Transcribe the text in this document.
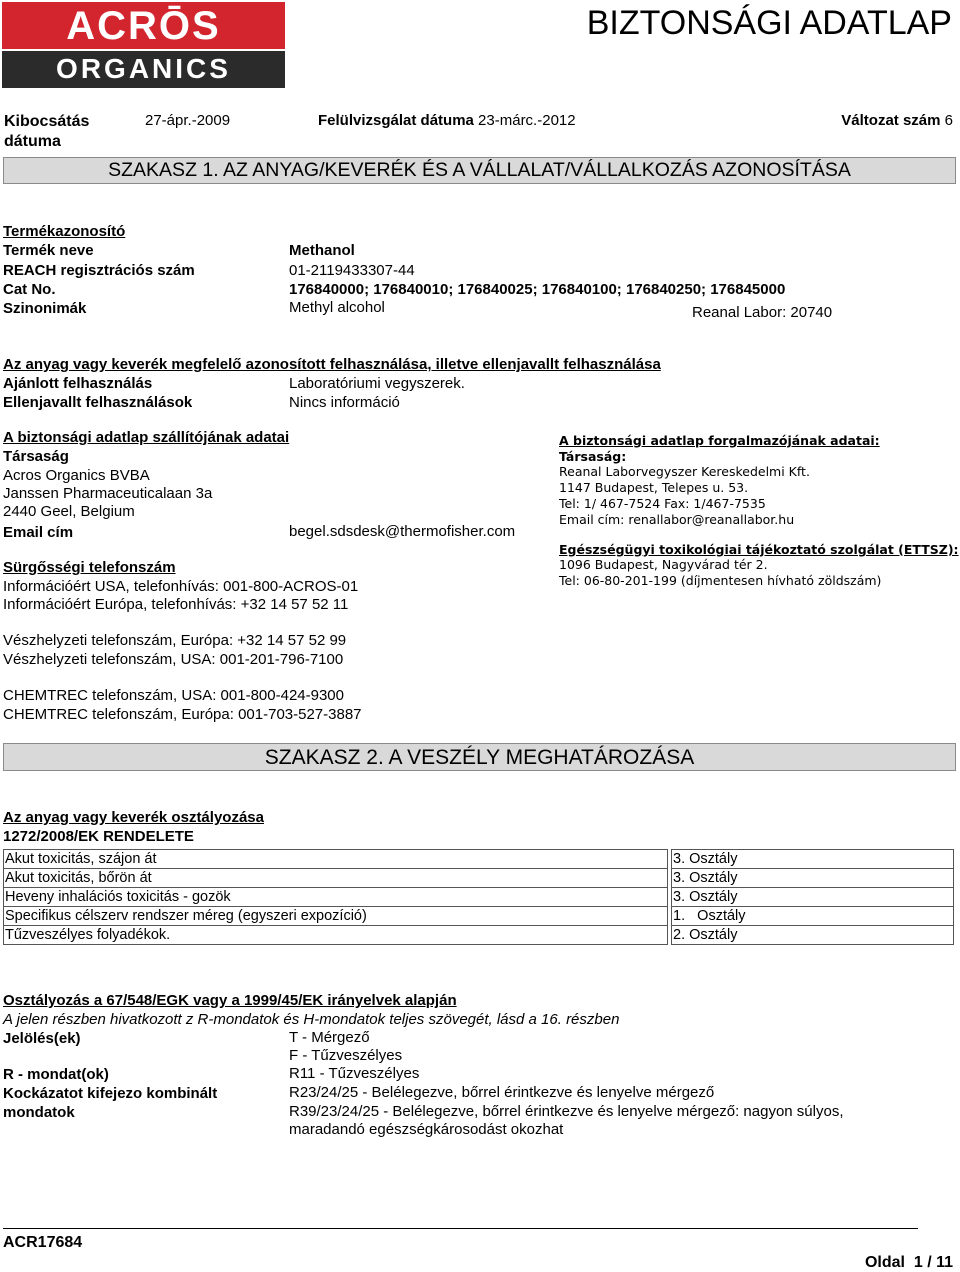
ACRŌS
ORGANICS
BIZTONSÁGI ADATLAP
Kibocsátás
dátuma
27-ápr.-2009	Felülvizsgálat dátuma 23-márc.-2012	Változat szám 6
SZAKASZ 1. AZ ANYAG/KEVERÉK ÉS A VÁLLALAT/VÁLLALKOZÁS AZONOSÍTÁSA
Termékazonosító
Termék neve	Methanol
REACH regisztrációs szám	01-2119433307-44
Cat No.	176840000; 176840010; 176840025; 176840100; 176840250; 176845000
Szinonimák	Methyl alcohol	Reanal Labor: 20740
Az anyag vagy keverék megfelelő azonosított felhasználása, illetve ellenjavallt felhasználása
Ajánlott felhasználás	Laboratóriumi vegyszerek.
Ellenjavallt felhasználások	Nincs információ
A biztonsági adatlap szállítójának adatai
Társaság
Acros Organics BVBA
Janssen Pharmaceuticalaan 3a
2440 Geel, Belgium
Email cím	begel.sdsdesk@thermofisher.com
Sürgősségi telefonszám
Információért USA, telefonhívás: 001-800-ACROS-01
Információért Európa, telefonhívás: +32 14 57 52 11
Vészhelyzeti telefonszám, Európa: +32 14 57 52 99
Vészhelyzeti telefonszám, USA: 001-201-796-7100
CHEMTREC telefonszám, USA: 001-800-424-9300
CHEMTREC telefonszám, Európa: 001-703-527-3887
A biztonsági adatlap forgalmazójának adatai:
Társaság:
Reanal Laborvegyszer Kereskedelmi Kft.
1147 Budapest, Telepes u. 53.
Tel: 1/ 467-7524 Fax: 1/467-7535
Email cím: renallabor@reanallabor.hu
Egészségügyi toxikológiai tájékoztató szolgálat (ETTSZ):
1096 Budapest, Nagyvárad tér 2.
Tel: 06-80-201-199 (díjmentesen hívható zöldszám)
SZAKASZ 2. A VESZÉLY MEGHATÁROZÁSA
Az anyag vagy keverék osztályozása
1272/2008/EK RENDELETE
Akut toxicitás, szájon át		3. Osztály
Akut toxicitás, bőrön át		3. Osztály
Heveny inhalációs toxicitás - gozök		3. Osztály
Specifikus célszerv rendszer méreg (egyszeri expozíció)		1.   Osztály
Tűzveszélyes folyadékok.		2. Osztály
Osztályozás a 67/548/EGK vagy a 1999/45/EK irányelvek alapján
A jelen részben hivatkozott z R-mondatok és H-mondatok teljes szövegét, lásd a 16. részben
Jelölés(ek)	T - Mérgező
F - Tűzveszélyes
R - mondat(ok)	R11 - Tűzveszélyes
Kockázatot kifejezo kombinált
mondatok
R23/24/25 - Belélegezve, bőrrel érintkezve és lenyelve mérgező
R39/23/24/25 - Belélegezve, bőrrel érintkezve és lenyelve mérgező: nagyon súlyos,
maradandó egészségkárosodást okozhat
ACR17684
Oldal 1 / 11
